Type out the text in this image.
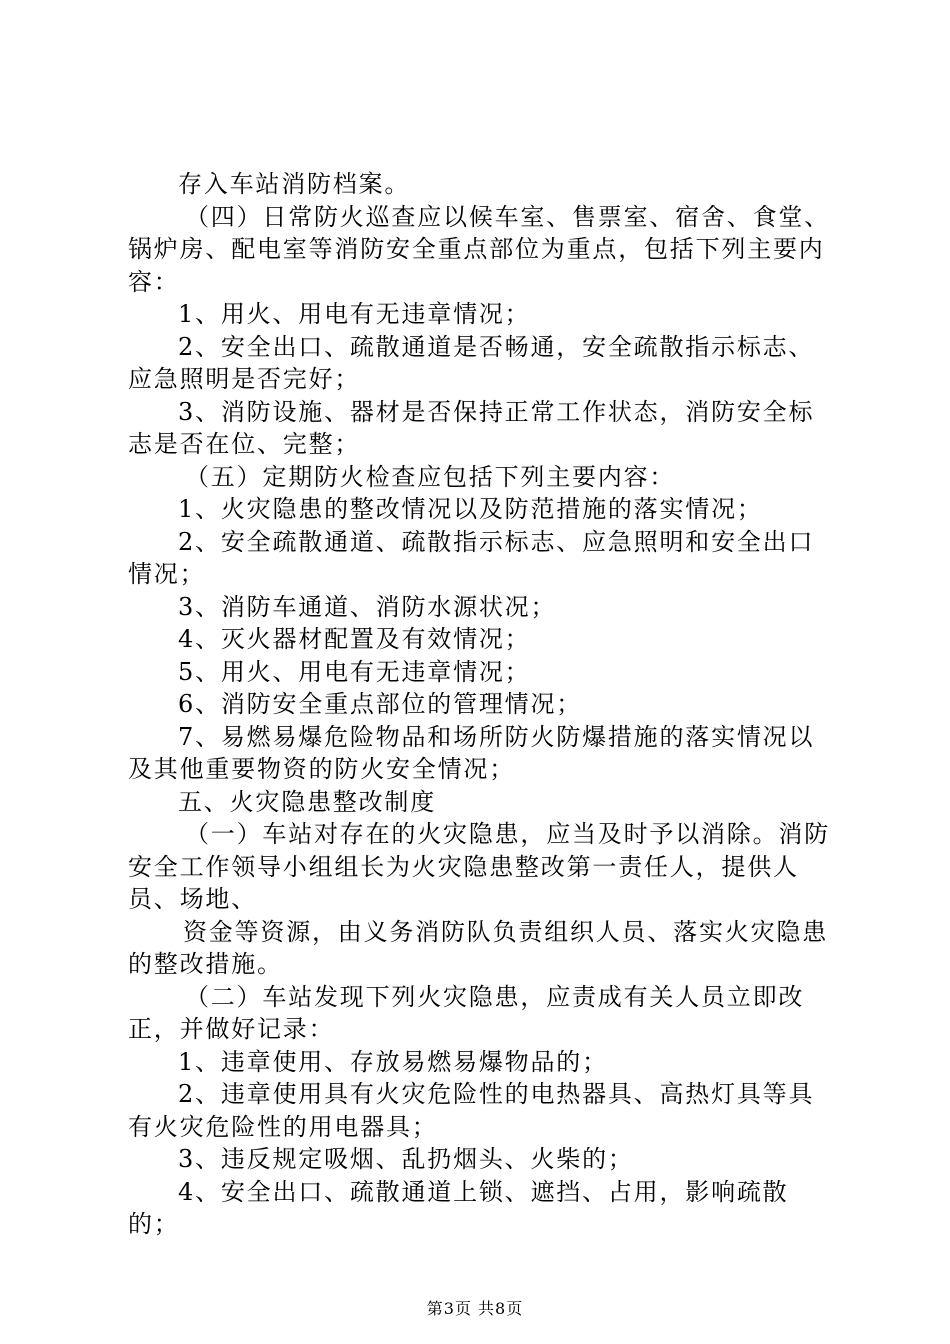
存入车站消防档案。

（四）日常防火巡查应以候车室、售票室、宿舍、食堂、锅炉房、配电室等消防安全重点部位为重点，包括下列主要内容：

1、用火、用电有无违章情况；

2、安全出口、疏散通道是否畅通，安全疏散指示标志、应急照明是否完好；

3、消防设施、器材是否保持正常工作状态，消防安全标志是否在位、完整；

（五）定期防火检查应包括下列主要内容：

1、火灾隐患的整改情况以及防范措施的落实情况；

2、安全疏散通道、疏散指示标志、应急照明和安全出口情况；

3、消防车通道、消防水源状况；

4、灭火器材配置及有效情况；

5、用火、用电有无违章情况；

6、消防安全重点部位的管理情况；

7、易燃易爆危险物品和场所防火防爆措施的落实情况以及其他重要物资的防火安全情况；

五、火灾隐患整改制度

（一）车站对存在的火灾隐患，应当及时予以消除。消防安全工作领导小组组长为火灾隐患整改第一责任人，提供人员、场地、

资金等资源，由义务消防队负责组织人员、落实火灾隐患的整改措施。

（二）车站发现下列火灾隐患，应责成有关人员立即改正，并做好记录：

1、违章使用、存放易燃易爆物品的；

2、违章使用具有火灾危险性的电热器具、高热灯具等具有火灾危险性的用电器具；

3、违反规定吸烟、乱扔烟头、火柴的；

4、安全出口、疏散通道上锁、遮挡、占用，影响疏散的；

第3页 共8页
